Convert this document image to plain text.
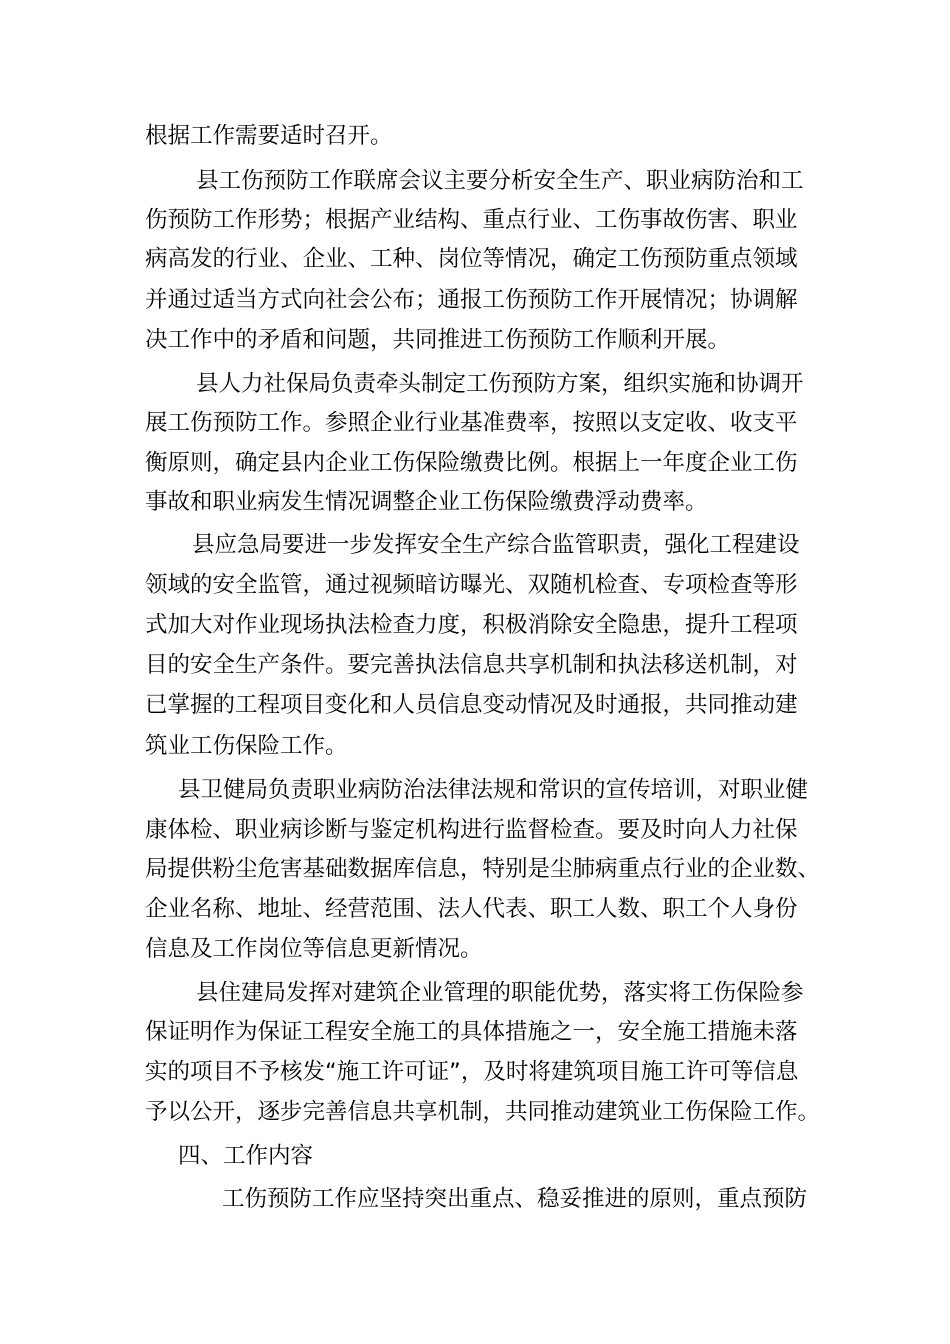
根据工作需要适时召开。
县工伤预防工作联席会议主要分析安全生产、职业病防治和工
伤预防工作形势；根据产业结构、重点行业、工伤事故伤害、职业
病高发的行业、企业、工种、岗位等情况，确定工伤预防重点领域
并通过适当方式向社会公布；通报工伤预防工作开展情况；协调解
决工作中的矛盾和问题，共同推进工伤预防工作顺利开展。
县人力社保局负责牵头制定工伤预防方案，组织实施和协调开
展工伤预防工作。参照企业行业基准费率，按照以支定收、收支平
衡原则，确定县内企业工伤保险缴费比例。根据上一年度企业工伤
事故和职业病发生情况调整企业工伤保险缴费浮动费率。
县应急局要进一步发挥安全生产综合监管职责，强化工程建设
领域的安全监管，通过视频暗访曝光、双随机检查、专项检查等形
式加大对作业现场执法检查力度，积极消除安全隐患，提升工程项
目的安全生产条件。要完善执法信息共享机制和执法移送机制，对
已掌握的工程项目变化和人员信息变动情况及时通报，共同推动建
筑业工伤保险工作。
县卫健局负责职业病防治法律法规和常识的宣传培训，对职业健
康体检、职业病诊断与鉴定机构进行监督检查。要及时向人力社保
局提供粉尘危害基础数据库信息，特别是尘肺病重点行业的企业数、
企业名称、地址、经营范围、法人代表、职工人数、职工个人身份
信息及工作岗位等信息更新情况。
县住建局发挥对建筑企业管理的职能优势，落实将工伤保险参
保证明作为保证工程安全施工的具体措施之一，安全施工措施未落
实的项目不予核发“施工许可证”，及时将建筑项目施工许可等信息
予以公开，逐步完善信息共享机制，共同推动建筑业工伤保险工作。
四、工作内容
工伤预防工作应坚持突出重点、稳妥推进的原则，重点预防
